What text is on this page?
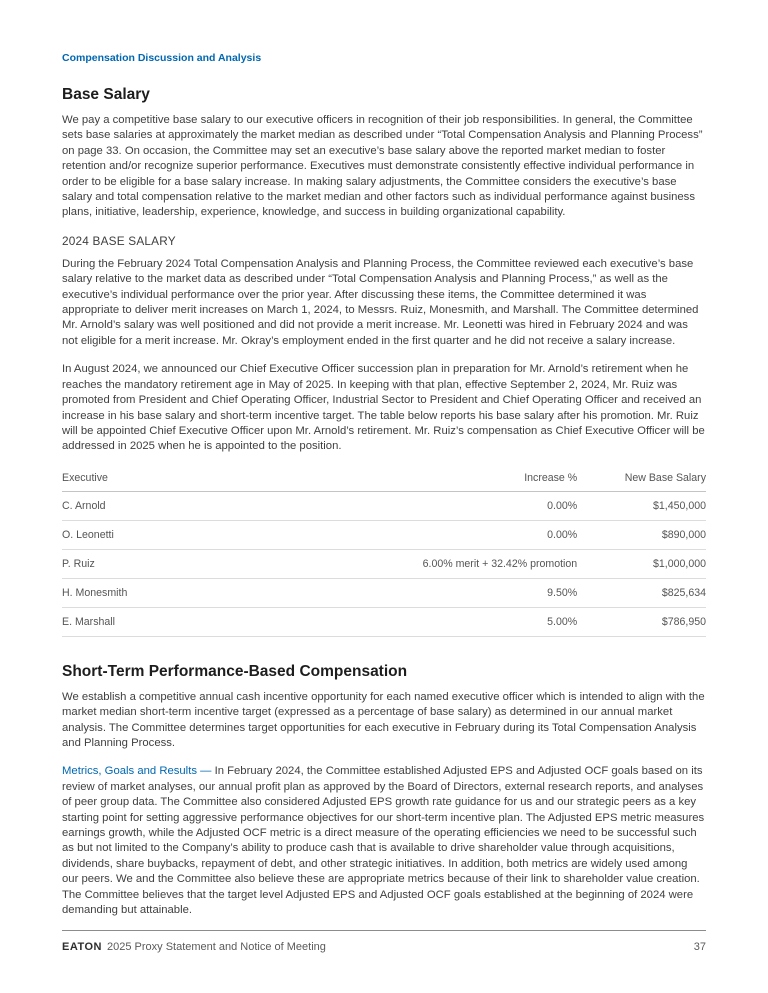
Compensation Discussion and Analysis
Base Salary

We pay a competitive base salary to our executive officers in recognition of their job responsibilities. In general, the Committee sets base salaries at approximately the market median as described under “Total Compensation Analysis and Planning Process” on page 33. On occasion, the Committee may set an executive’s base salary above the reported market median to foster retention and/or recognize superior performance. Executives must demonstrate consistently effective individual performance in order to be eligible for a base salary increase. In making salary adjustments, the Committee considers the executive’s base salary and total compensation relative to the market median and other factors such as individual performance against business plans, initiative, leadership, experience, knowledge, and success in building organizational capability.

2024 BASE SALARY

During the February 2024 Total Compensation Analysis and Planning Process, the Committee reviewed each executive’s base salary relative to the market data as described under “Total Compensation Analysis and Planning Process,” as well as the executive’s individual performance over the prior year. After discussing these items, the Committee determined it was appropriate to deliver merit increases on March 1, 2024, to Messrs. Ruiz, Monesmith, and Marshall. The Committee determined Mr. Arnold’s salary was well positioned and did not provide a merit increase. Mr. Leonetti was hired in February 2024 and was not eligible for a merit increase. Mr. Okray’s employment ended in the first quarter and he did not receive a salary increase.

In August 2024, we announced our Chief Executive Officer succession plan in preparation for Mr. Arnold’s retirement when he reaches the mandatory retirement age in May of 2025. In keeping with that plan, effective September 2, 2024, Mr. Ruiz was promoted from President and Chief Operating Officer, Industrial Sector to President and Chief Operating Officer and received an increase in his base salary and short-term incentive target. The table below reports his base salary after his promotion. Mr. Ruiz will be appointed Chief Executive Officer upon Mr. Arnold’s retirement. Mr. Ruiz’s compensation as Chief Executive Officer will be addressed in 2025 when he is appointed to the position.

Executive	Increase %	New Base Salary
C. Arnold	0.00%	$1,450,000
O. Leonetti	0.00%	$890,000
P. Ruiz	6.00% merit + 32.42% promotion	$1,000,000
H. Monesmith	9.50%	$825,634
E. Marshall	5.00%	$786,950
Short-Term Performance-Based Compensation

We establish a competitive annual cash incentive opportunity for each named executive officer which is intended to align with the market median short-term incentive target (expressed as a percentage of base salary) as determined in our annual market analysis. The Committee determines target opportunities for each executive in February during its Total Compensation Analysis and Planning Process.

Metrics, Goals and Results — In February 2024, the Committee established Adjusted EPS and Adjusted OCF goals based on its review of market analyses, our annual profit plan as approved by the Board of Directors, external research reports, and analyses of peer group data. The Committee also considered Adjusted EPS growth rate guidance for us and our strategic peers as a key starting point for setting aggressive performance objectives for our short-term incentive plan. The Adjusted EPS metric measures earnings growth, while the Adjusted OCF metric is a direct measure of the operating efficiencies we need to be successful such as but not limited to the Company’s ability to produce cash that is available to drive shareholder value through acquisitions, dividends, share buybacks, repayment of debt, and other strategic initiatives. In addition, both metrics are widely used among our peers. We and the Committee also believe these are appropriate metrics because of their link to shareholder value creation. The Committee believes that the target level Adjusted EPS and Adjusted OCF goals established at the beginning of 2024 were demanding but attainable.

EATON 2025 Proxy Statement and Notice of Meeting	37
